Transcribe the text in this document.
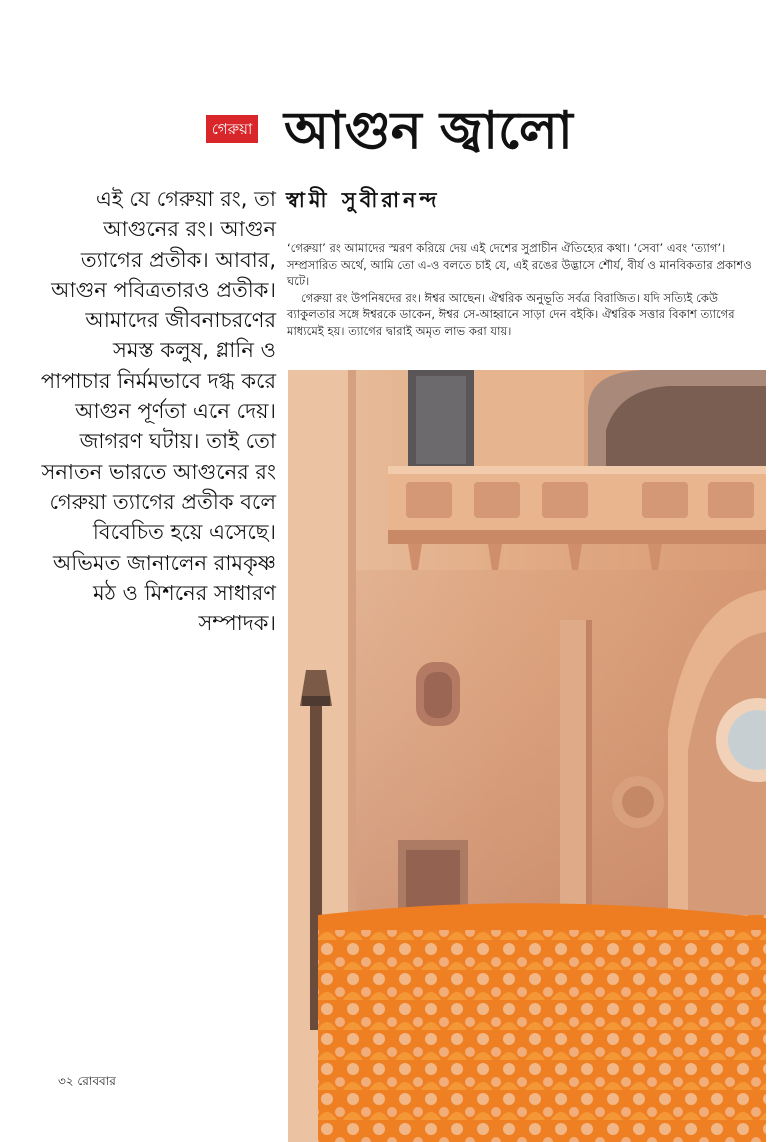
গেরুয়া আগুন জ্বালো
স্বামী সুবীরানন্দ

এই যে গেরুয়া রং, তা আগুনের রং। আগুন ত্যাগের প্রতীক। আবার, আগুন পবিত্রতারও প্রতীক। আমাদের জীবনাচরণের সমস্ত কলুষ, গ্লানি ও পাপাচার নির্মমভাবে দগ্ধ করে আগুন পূর্ণতা এনে দেয়। জাগরণ ঘটায়। তাই তো সনাতন ভারতে আগুনের রং গেরুয়া ত্যাগের প্রতীক বলে বিবেচিত হয়ে এসেছে। অভিমত জানালেন রামকৃষ্ণ মঠ ও মিশনের সাধারণ সম্পাদক।

‘গেরুয়া’ রং আমাদের স্মরণ করিয়ে দেয় এই দেশের সুপ্রাচীন ঐতিহ্যের কথা। ‘সেবা’ এবং ‘ত্যাগ’। সম্প্রসারিত অর্থে, আমি তো এ-ও বলতে চাই যে, এই রঙের উদ্ভাসে শৌর্য, বীর্য ও মানবিকতার প্রকাশও ঘটে।

গেরুয়া রং উপনিষদের রং। ঈশ্বর আছেন। ঐশ্বরিক অনুভূতি সর্বত্র বিরাজিত। যদি সত্যিই কেউ ব্যাকুলতার সঙ্গে ঈশ্বরকে ডাকেন, ঈশ্বর সে-আহ্বানে সাড়া দেন বইকি। ঐশ্বরিক সত্তার বিকাশ ত্যাগের মাধ্যমেই হয়। ত্যাগের দ্বারাই অমৃত লাভ করা যায়।

৩২ রোববার
